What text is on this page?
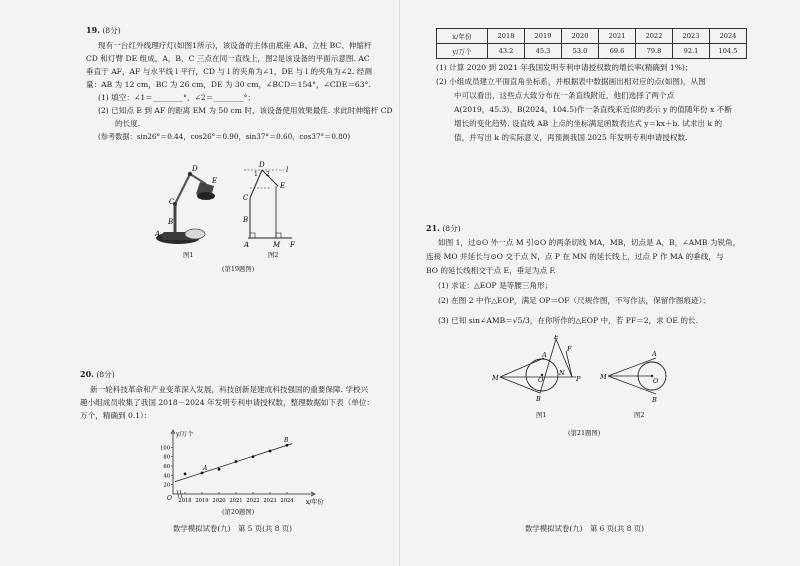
19. (8分)
现有一台红外线理疗灯(如图1所示)，该设备的主体由底座 AB、立柱 BC、伸缩杆
CD 和灯臂 DE 组成，A，B，C 三点在同一直线上，图2是该设备的平面示意图. AC
垂直于 AF，AF 与水平线 l 平行，CD 与 l 的夹角为∠1，DE 与 l 的夹角为∠2. 经测
量：AB 为 12 cm，BC 为 26 cm，DE 为 30 cm，∠BCD＝154°，∠CDE＝63°.
(1) 填空：∠1＝________°，∠2＝________°；
(2) 已知点 E 到 AF 的距离 EM 为 50 cm 时，该设备使用效果最佳. 求此时伸缩杆 CD
的长度.
(参考数据：sin26°＝0.44，cos26°＝0.90，sin37°＝0.60，cos37°＝0.80)
D
E
C
B
A
图1
D
1 2
l
E
C
B
A	M F
图2
(第19题图)
20. (8分)
新一轮科技革命和产业变革深入发展，科技创新是建成科技强国的重要保障. 学校兴
趣小组成员收集了我国 2018－2024 年发明专利申请授权数，整理数据如下表（单位：
万个，精确到 0.1）：
y/万个
x/年份
O
20
40
60
80
100
2018 2019 2020 2021 2022 2023 2024
A
B
(第20题图)
数学模拟试卷(九)　第 5 页(共 8 页)
x/年份	2018	2019	2020	2021	2022	2023	2024
y/万个	43.2	45.3	53.0	69.6	79.8	92.1	104.5
(1) 计算 2020 到 2021 年我国发明专利申请授权数的增长率(精确到 1%)；
(2) 小组成员建立平面直角坐标系，并根据表中数据画出相对应的点(如图)，从图
中可以看出，这些点大致分布在一条直线附近，他们选择了两个点
A(2019，45.3)、B(2024，104.5)作一条直线来近似的表示 y 的值随年份 x 不断
增长的变化趋势. 设直线 AB 上点的坐标满足函数表达式 y＝kx＋b. 试求出 k 的
值，并写出 k 的实际意义，再预测我国 2025 年发明专利申请授权数.
21. (8分)
如图 1，过⊙O 外一点 M 引⊙O 的两条切线 MA，MB，切点是 A，B，∠AMB 为锐角，
连接 MO 并延长与⊙O 交于点 N，点 P 在 MN 的延长线上，过点 P 作 MA 的垂线，与
BO 的延长线相交于点 E，垂足为点 F.
(1) 求证：△EOP 是等腰三角形；
(2) 在图 2 中作△EOP，满足 OP＝OF（尺规作图，不写作法，保留作图痕迹）；
(3) 已知 sin∠AMB＝√5/3，在你所作的△EOP 中，若 PF＝2，求 OE 的长.
E
F
A
M	O
N
P
B
图1
A
M	O
B
图2
(第21题图)
数学模拟试卷(九)　第 6 页(共 8 页)
